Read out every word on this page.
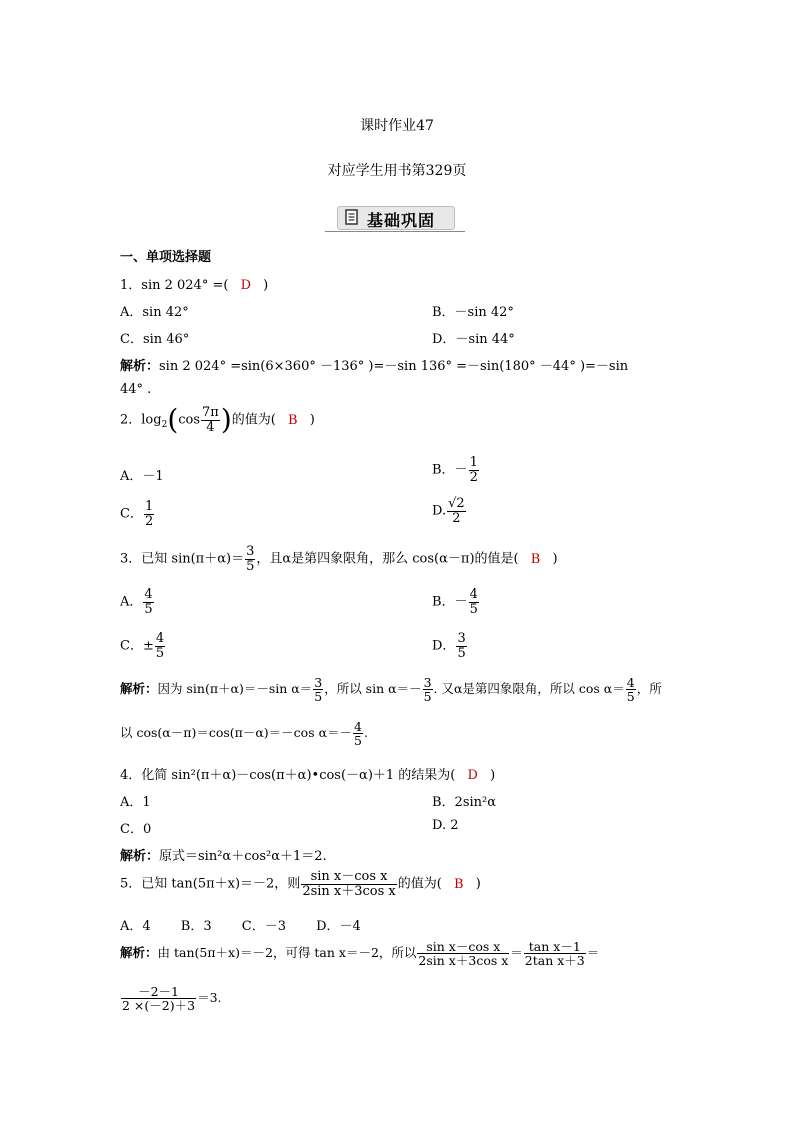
课时作业47
对应学生用书第329页
基础巩固
一、单项选择题
1．sin 2 024° =( D )
A．sin 42°	B．－sin 42°
C．sin 46°	D．－sin 44°
解析：sin 2 024° =sin(6×360° －136° )=－sin 136° =－sin(180° －44° )=－sin
44° .
2．$\log_2(\cos \frac{7\pi}{4}$ )的值为( B )
A．－1	B．－ $\frac{1}{2}$
C． $\frac{1}{2}$	D. $\frac{√2}{2}$
3．已知 $\sin(\pi+\alpha)= \frac{3}{5}$ ，且α是第四象限角，那么 cos(α－π)的值是( B )
A． $\frac{4}{5}$	B．－ $\frac{4}{5}$
C．± $\frac{4}{5}$	D． $\frac{3}{5}$
解析：因为 sin(π＋α)＝－sin $\alpha= \frac{3}{5}$ ，所以 $\sin \alpha=- \frac{3}{5}$ . 又α是第四象限角，所以 $\cos \alpha= \frac{4}{5}$ ，所
以 cos(α－π)＝cos(π－α)＝－cos $\alpha=- \frac{4}{5}$ .
4．化简 sin²(π＋α)－cos(π＋α)•cos(－α)＋1 的结果为( D )
A．1	B．2sin²α
C．0	D. 2
解析：原式＝sin²α＋cos²α＋1＝2.
5．已知 tan(5π＋x)＝－2，则 $\frac{\text{sin x－cos x}}{\text{2sin x＋3cos x}}$ 的值为( B )
A．4　　 B．3　　 C．－3　　 D．－4
解析：由 tan(5π＋x)＝－2，可得 tan x＝－2，所以 $\frac{\text{sin x－cos x}}{\text{2sin x＋3cos x}} = \frac{\text{tan x－1}}{\text{2tan x＋3}}$ ＝
$\frac{-2-1}{2 \times(-2)+3} =3$.
